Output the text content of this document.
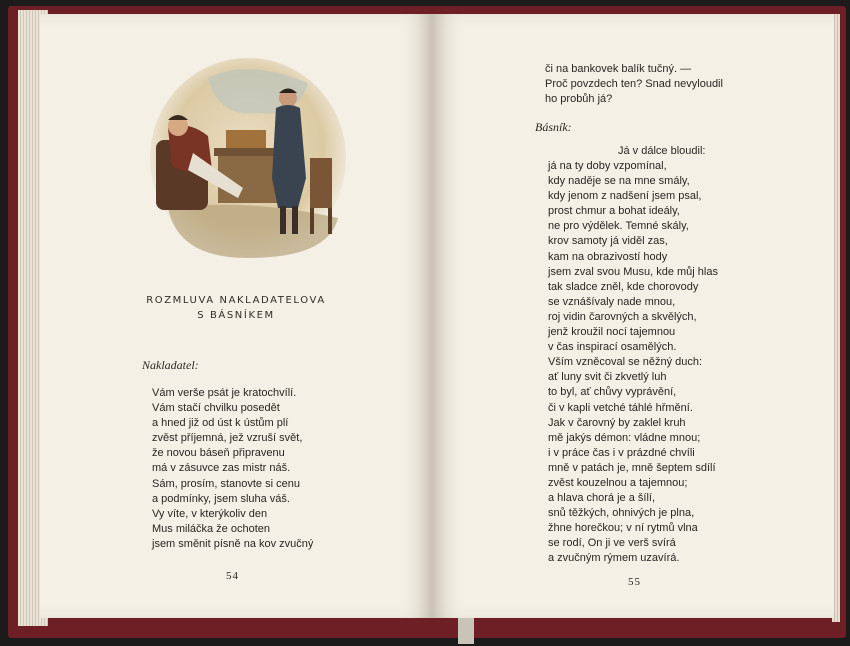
ROZMLUVA NAKLADATELOVA
S BÁSNÍKEM
Nakladatel:
Vám verše psát je kratochvílí.
Vám stačí chvilku posedět
a hned již od úst k ústům plí
zvěst příjemná, jež vzruší svět,
že novou báseň připravenu
má v zásuvce zas mistr náš.
Sám, prosím, stanovte si cenu
a podmínky, jsem sluha váš.
Vy víte, v kterýkoliv den
Mus miláčka že ochoten
jsem směnit písně na kov zvučný
54
či na bankovek balík tučný. —
Proč povzdech ten? Snad nevyloudil
ho probůh já?
Básník:
Já v dálce bloudil:
já na ty doby vzpomínal,
kdy naděje se na mne smály,
kdy jenom z nadšení jsem psal,
prost chmur a bohat ideály,
ne pro výdělek. Temné skály,
krov samoty já viděl zas,
kam na obrazivostí hody
jsem zval svou Musu, kde můj hlas
tak sladce zněl, kde chorovody
se vznášívaly nade mnou,
roj vidin čarovných a skvělých,
jenž kroužil nocí tajemnou
v čas inspirací osamělých.
Vším vzněcoval se něžný duch:
ať luny svit či zkvetlý luh
to byl, ať chůvy vyprávění,
či v kapli vetché táhlé hřmění.
Jak v čarovný by zaklel kruh
mě jakýs démon: vládne mnou;
i v práce čas i v prázdné chvíli
mně v patách je, mně šeptem sdílí
zvěst kouzelnou a tajemnou;
a hlava chorá je a šílí,
snů těžkých, ohnivých je plna,
žhne horečkou; v ní rytmů vlna
se rodí, On ji ve verš svírá
a zvučným rýmem uzavírá.
55
